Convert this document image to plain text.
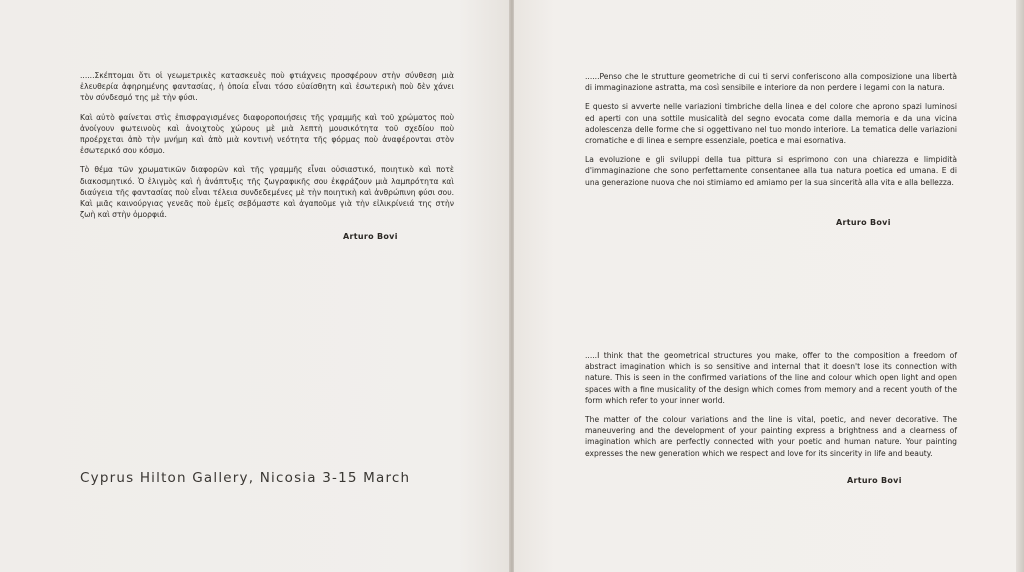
......Σκέπτομαι ὅτι οἱ γεωμετρικὲς κατασκευὲς ποὺ φτιάχνεις προσφέρουν στὴν σύνθεση μιὰ ἐλευθερία ἀφηρημένης φαντασίας, ἡ ὁποία εἶναι τόσο εὐαίσθητη καὶ ἐσωτερικὴ ποὺ δὲν χάνει τὸν σύνδεσμό της μὲ τὴν φύσι.

Καὶ αὐτὸ φαίνεται στὶς ἐπισφραγισμένες διαφοροποιήσεις τῆς γραμμῆς καὶ τοῦ χρώματος ποὺ ἀνοίγουν φωτεινοὺς καὶ ἀνοιχτοὺς χώρους μὲ μιὰ λεπτὴ μουσικότητα τοῦ σχεδίου ποὺ προέρχεται ἀπὸ τὴν μνήμη καὶ ἀπὸ μιὰ κοντινὴ νεότητα τῆς φόρμας ποὺ ἀναφέρονται στὸν ἐσωτερικό σου κόσμο.

Τὸ θέμα τῶν χρωματικῶν διαφορῶν καὶ τῆς γραμμῆς εἶναι οὐσιαστικό, ποιητικὸ καὶ ποτὲ διακοσμητικό. Ὁ ἑλιγμὸς καὶ ἡ ἀνάπτυξις τῆς ζωγραφικῆς σου ἐκφράζουν μιὰ λαμπρότητα καὶ διαύγεια τῆς φαντασίας ποὺ εἶναι τέλεια συνδεδεμένες μὲ τὴν ποιητικὴ καὶ ἀνθρώπινη φύσι σου. Καὶ μιᾶς καινούργιας γενεᾶς ποὺ ἐμεῖς σεβόμαστε καὶ ἀγαποῦμε γιὰ τὴν εἰλικρίνειά της στὴν ζωὴ καὶ στὴν ὀμορφιά.

Arturo Bovi
Cyprus Hilton Gallery, Nicosia 3-15 March

......Penso che le strutture geometriche di cui ti servi conferiscono alla composizione una libertà di immaginazione astratta, ma così sensibile e interiore da non perdere i legami con la natura.

E questo si avverte nelle variazioni timbriche della linea e del colore che aprono spazi luminosi ed aperti con una sottile musicalità del segno evocata come dalla memoria e da una vicina adolescenza delle forme che si oggettivano nel tuo mondo interiore. La tematica delle variazioni cromatiche e di linea e sempre essenziale, poetica e mai esornativa.

La evoluzione e gli sviluppi della tua pittura si esprimono con una chiarezza e limpidità d'immaginazione che sono perfettamente consentanee alla tua natura poetica ed umana. E di una generazione nuova che noi stimiamo ed amiamo per la sua sincerità alla vita e alla bellezza.

Arturo Bovi

.....I think that the geometrical structures you make, offer to the composition a freedom of abstract imagination which is so sensitive and internal that it doesn't lose its connection with nature. This is seen in the confirmed variations of the line and colour which open light and open spaces with a fine musicality of the design which comes from memory and a recent youth of the form which refer to your inner world.

The matter of the colour variations and the line is vital, poetic, and never decorative. The maneuvering and the development of your painting express a brightness and a clearness of imagination which are perfectly connected with your poetic and human nature. Your painting expresses the new generation which we respect and love for its sincerity in life and beauty.

Arturo Bovi
